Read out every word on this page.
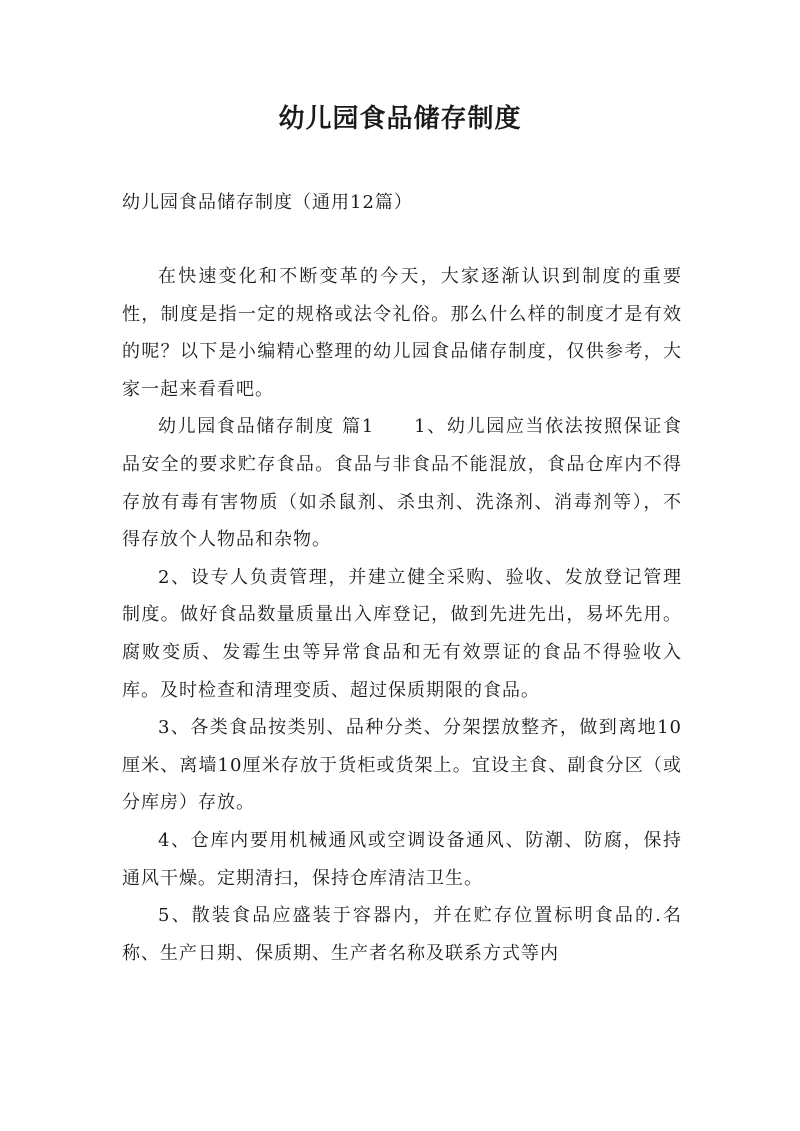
幼儿园食品储存制度

幼儿园食品储存制度（通用12篇）

在快速变化和不断变革的今天，大家逐渐认识到制度的重要性，制度是指一定的规格或法令礼俗。那么什么样的制度才是有效的呢？以下是小编精心整理的幼儿园食品储存制度，仅供参考，大家一起来看看吧。

幼儿园食品储存制度 篇1　　1、幼儿园应当依法按照保证食品安全的要求贮存食品。食品与非食品不能混放，食品仓库内不得存放有毒有害物质（如杀鼠剂、杀虫剂、洗涤剂、消毒剂等），不得存放个人物品和杂物。

2、设专人负责管理，并建立健全采购、验收、发放登记管理制度。做好食品数量质量出入库登记，做到先进先出，易坏先用。腐败变质、发霉生虫等异常食品和无有效票证的食品不得验收入库。及时检查和清理变质、超过保质期限的食品。

3、各类食品按类别、品种分类、分架摆放整齐，做到离地10厘米、离墙10厘米存放于货柜或货架上。宜设主食、副食分区（或分库房）存放。

4、仓库内要用机械通风或空调设备通风、防潮、防腐，保持通风干燥。定期清扫，保持仓库清洁卫生。

5、散装食品应盛装于容器内，并在贮存位置标明食品的.名称、生产日期、保质期、生产者名称及联系方式等内
